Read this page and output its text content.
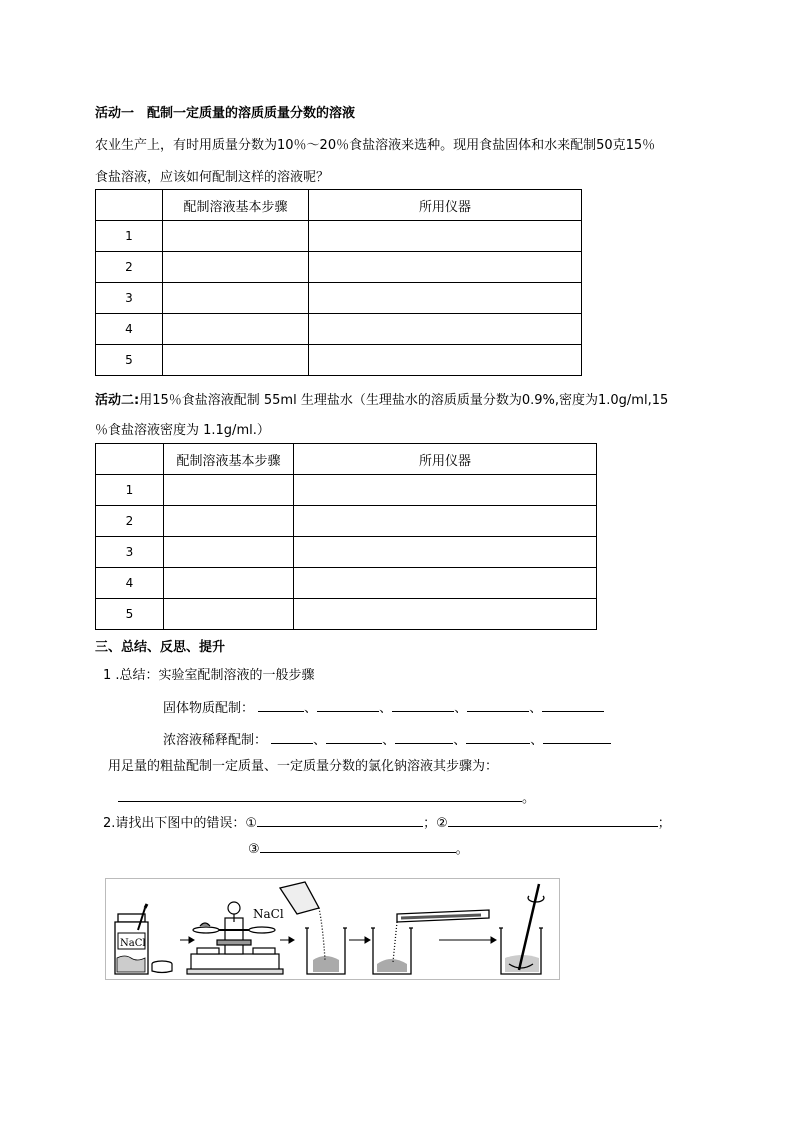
活动一　配制一定质量的溶质质量分数的溶液
农业生产上，有时用质量分数为10％～20％食盐溶液来选种。现用食盐固体和水来配制50克15％
食盐溶液，应该如何配制这样的溶液呢？
	配制溶液基本步骤	所用仪器
1		
2		
3		
4		
5		
活动二:用15％食盐溶液配制 55ml 生理盐水（生理盐水的溶质质量分数为0.9%,密度为1.0g/ml,15
％食盐溶液密度为 1.1g/ml.）
	配制溶液基本步骤	所用仪器
1		
2		
3		
4		
5		
三、总结、反思、提升
1 .总结：实验室配制溶液的一般步骤
固体物质配制：	、	、	、	、
浓溶液稀释配制：	、	、	、	、
用足量的粗盐配制一定质量、一定质量分数的氯化钠溶液其步骤为：
。
2.请找出下图中的错误：①	；②	；
③	。
NaCl
NaCl
